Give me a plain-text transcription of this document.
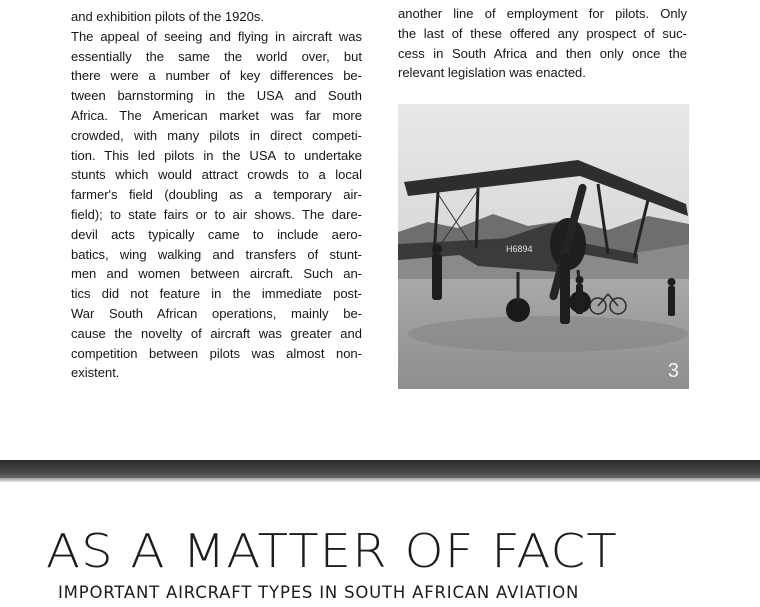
and exhibition pilots of the 1920s.
The appeal of seeing and flying in aircraft was
essentially the same the world over, but
there were a number of key differences be-
tween barnstorming in the USA and South
Africa. The American market was far more
crowded, with many pilots in direct competi-
tion. This led pilots in the USA to undertake
stunts which would attract crowds to a local
farmer's field (doubling as a temporary air-
field); to state fairs or to air shows. The dare-
devil acts typically came to include aero-
batics, wing walking and transfers of stunt-
men and women between aircraft. Such an-
tics did not feature in the immediate post-
War South African operations, mainly be-
cause the novelty of aircraft was greater and
competition between pilots was almost non-
existent.
another line of employment for pilots. Only
the last of these offered any prospect of suc-
cess in South Africa and then only once the
relevant legislation was enacted.
H6894
3
AS A MATTER OF FACT
IMPORTANT AIRCRAFT TYPES IN SOUTH AFRICAN AVIATION
